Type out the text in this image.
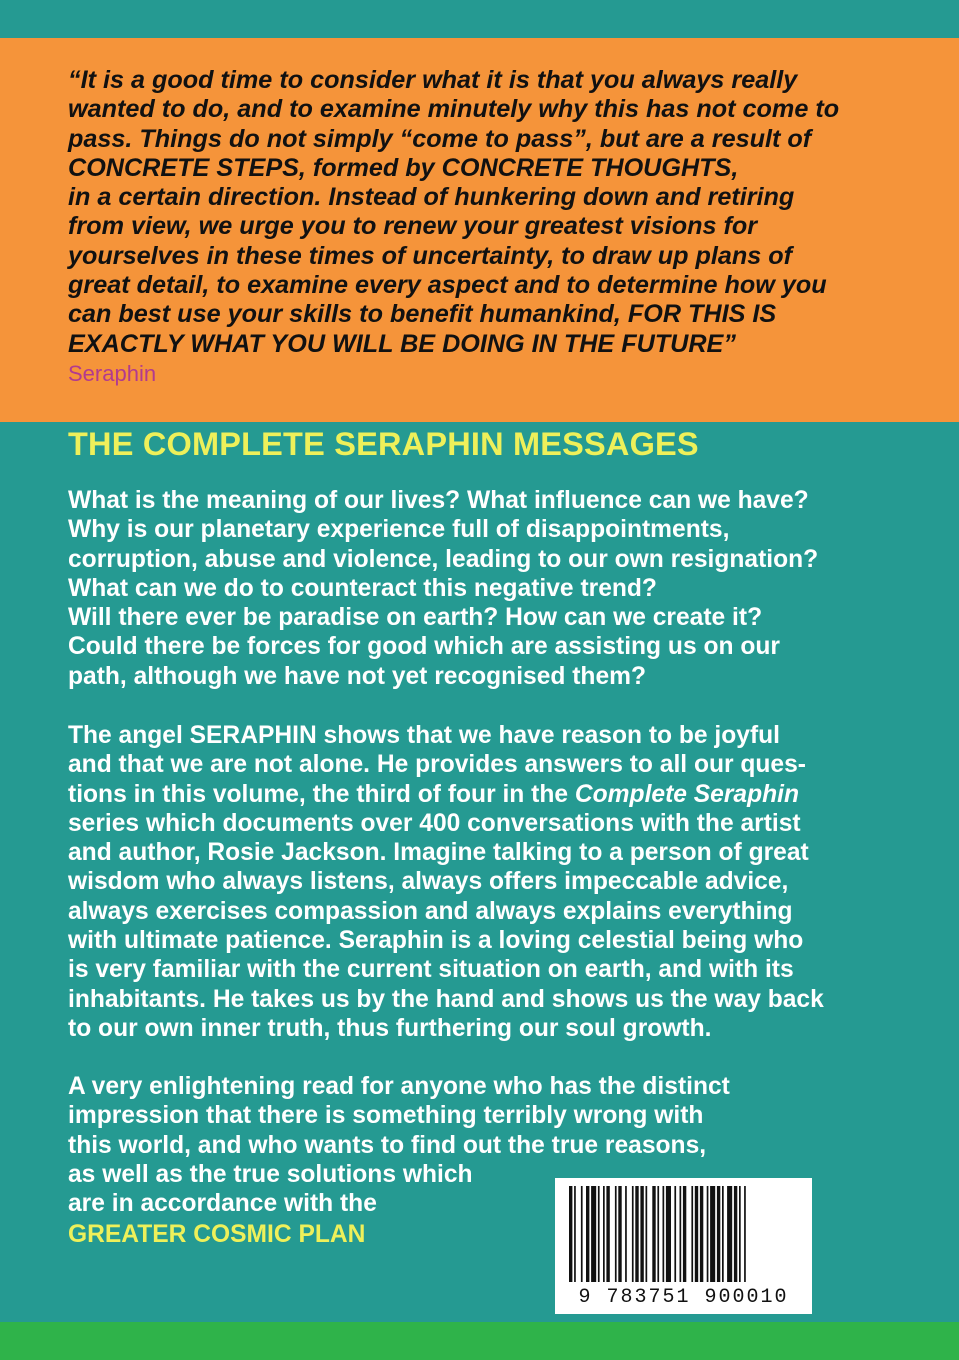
“It is a good time to consider what it is that you always really
wanted to do, and to examine minutely why this has not come to
pass. Things do not simply “come to pass”, but are a result of
CONCRETE STEPS, formed by CONCRETE THOUGHTS,
in a certain direction. Instead of hunkering down and retiring
from view, we urge you to renew your greatest visions for
yourselves in these times of uncertainty, to draw up plans of
great detail, to examine every aspect and to determine how you
can best use your skills to benefit humankind, FOR THIS IS
EXACTLY WHAT YOU WILL BE DOING IN THE FUTURE”

Seraphin
THE COMPLETE SERAPHIN MESSAGES

What is the meaning of our lives? What influence can we have?
Why is our planetary experience full of disappointments,
corruption, abuse and violence, leading to our own resignation?
What can we do to counteract this negative trend?
Will there ever be paradise on earth? How can we create it?
Could there be forces for good which are assisting us on our
path, although we have not yet recognised them?

The angel SERAPHIN shows that we have reason to be joyful
and that we are not alone. He provides answers to all our ques-
tions in this volume, the third of four in the Complete Seraphin
series which documents over 400 conversations with the artist
and author, Rosie Jackson. Imagine talking to a person of great
wisdom who always listens, always offers impeccable advice,
always exercises compassion and always explains everything
with ultimate patience. Seraphin is a loving celestial being who
is very familiar with the current situation on earth, and with its
inhabitants. He takes us by the hand and shows us the way back
to our own inner truth, thus furthering our soul growth.

A very enlightening read for anyone who has the distinct
impression that there is something terribly wrong with
this world, and who wants to find out the true reasons,
as well as the true solutions which
are in accordance with the

GREATER COSMIC PLAN
9 783751 900010
